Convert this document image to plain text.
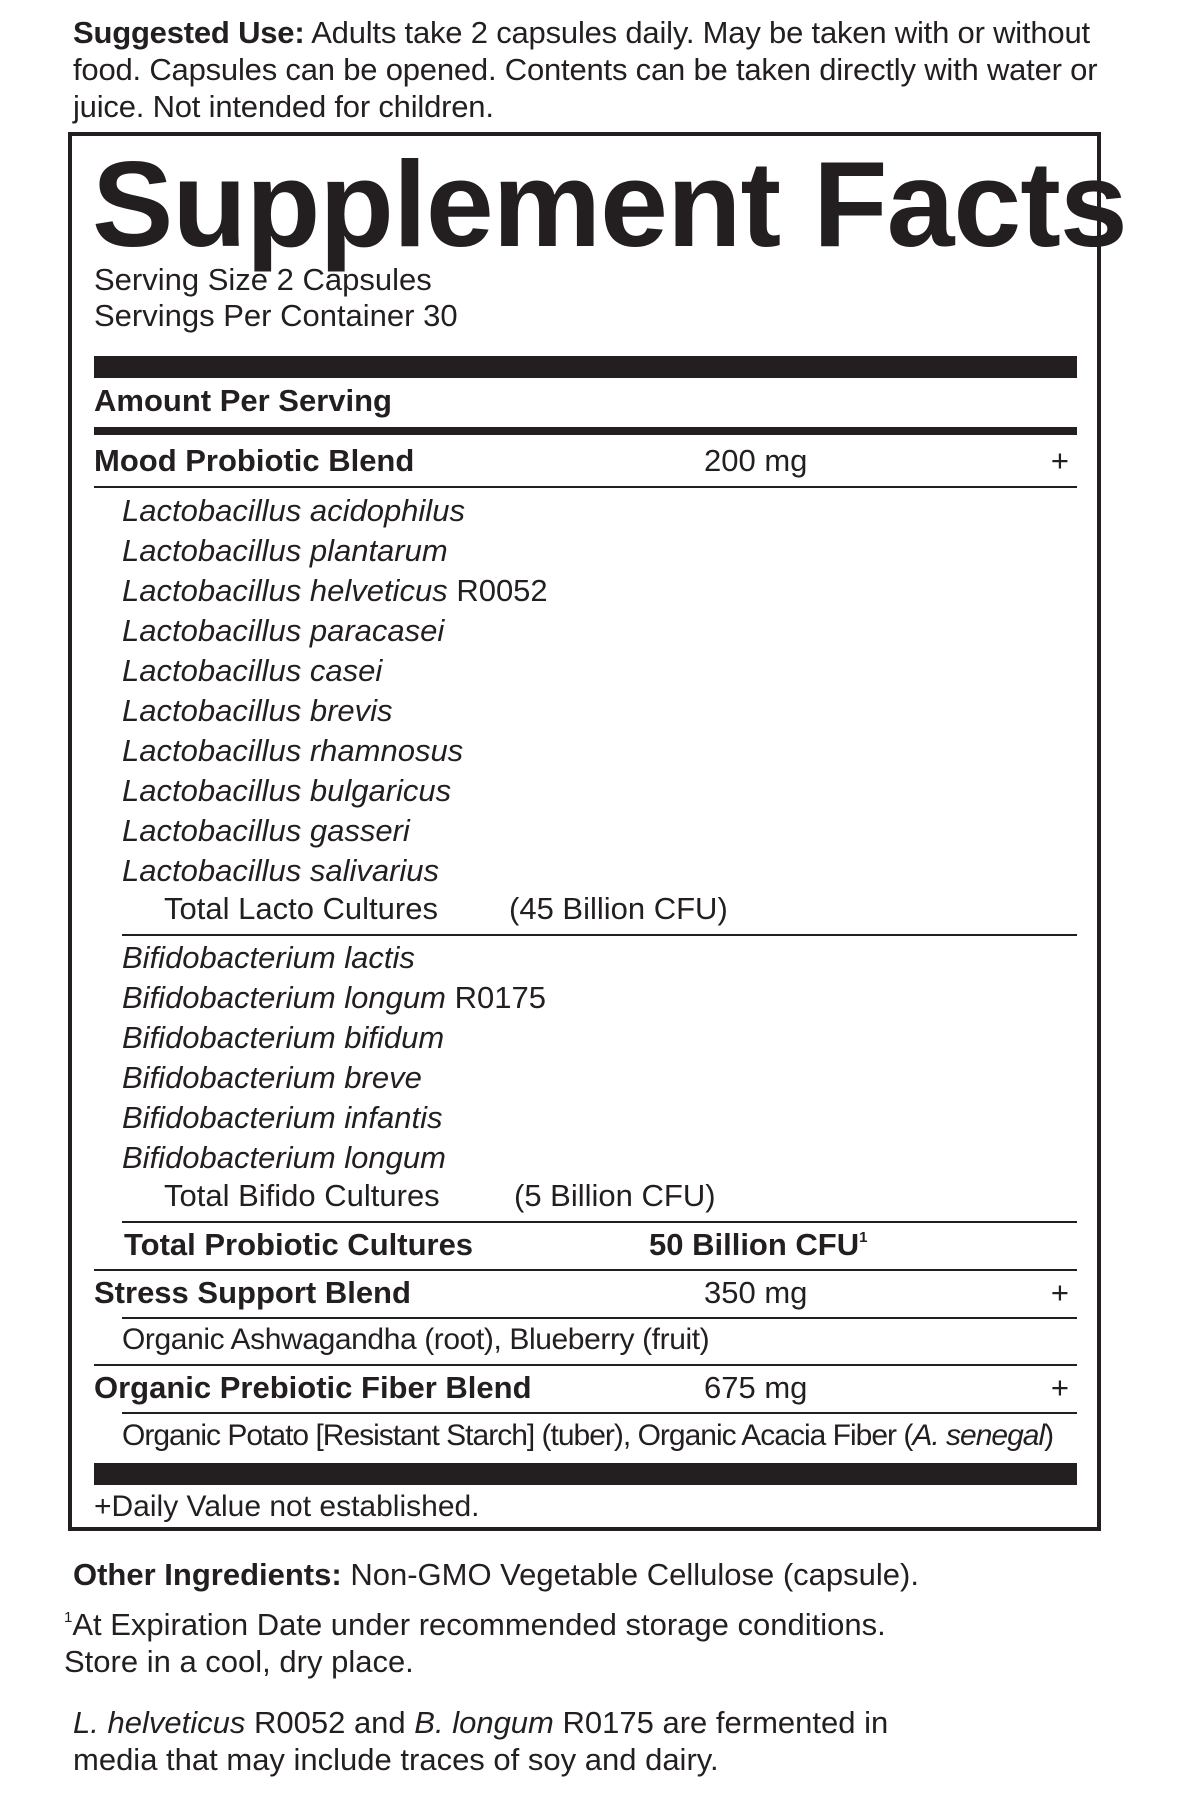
Suggested Use: Adults take 2 capsules daily. May be taken with or without food. Capsules can be opened. Contents can be taken directly with water or juice. Not intended for children.
Supplement Facts
Serving Size 2 Capsules
Servings Per Container 30
Amount Per Serving
Mood Probiotic Blend	200 mg	+
Lactobacillus acidophilus
Lactobacillus plantarum
Lactobacillus helveticus R0052
Lactobacillus paracasei
Lactobacillus casei
Lactobacillus brevis
Lactobacillus rhamnosus
Lactobacillus bulgaricus
Lactobacillus gasseri
Lactobacillus salivarius
Total Lacto Cultures (45 Billion CFU)
Bifidobacterium lactis
Bifidobacterium longum R0175
Bifidobacterium bifidum
Bifidobacterium breve
Bifidobacterium infantis
Bifidobacterium longum
Total Bifido Cultures (5 Billion CFU)
Total Probiotic Cultures	50 Billion CFU$^1$
Stress Support Blend	350 mg	+
Organic Ashwagandha (root), Blueberry (fruit)
Organic Prebiotic Fiber Blend	675 mg	+
Organic Potato [Resistant Starch] (tuber), Organic Acacia Fiber (A. senegal)
+Daily Value not established.
Other Ingredients: Non-GMO Vegetable Cellulose (capsule).
$^1$At Expiration Date under recommended storage conditions. Store in a cool, dry place.
L. helveticus R0052 and B. longum R0175 are fermented in media that may include traces of soy and dairy.
